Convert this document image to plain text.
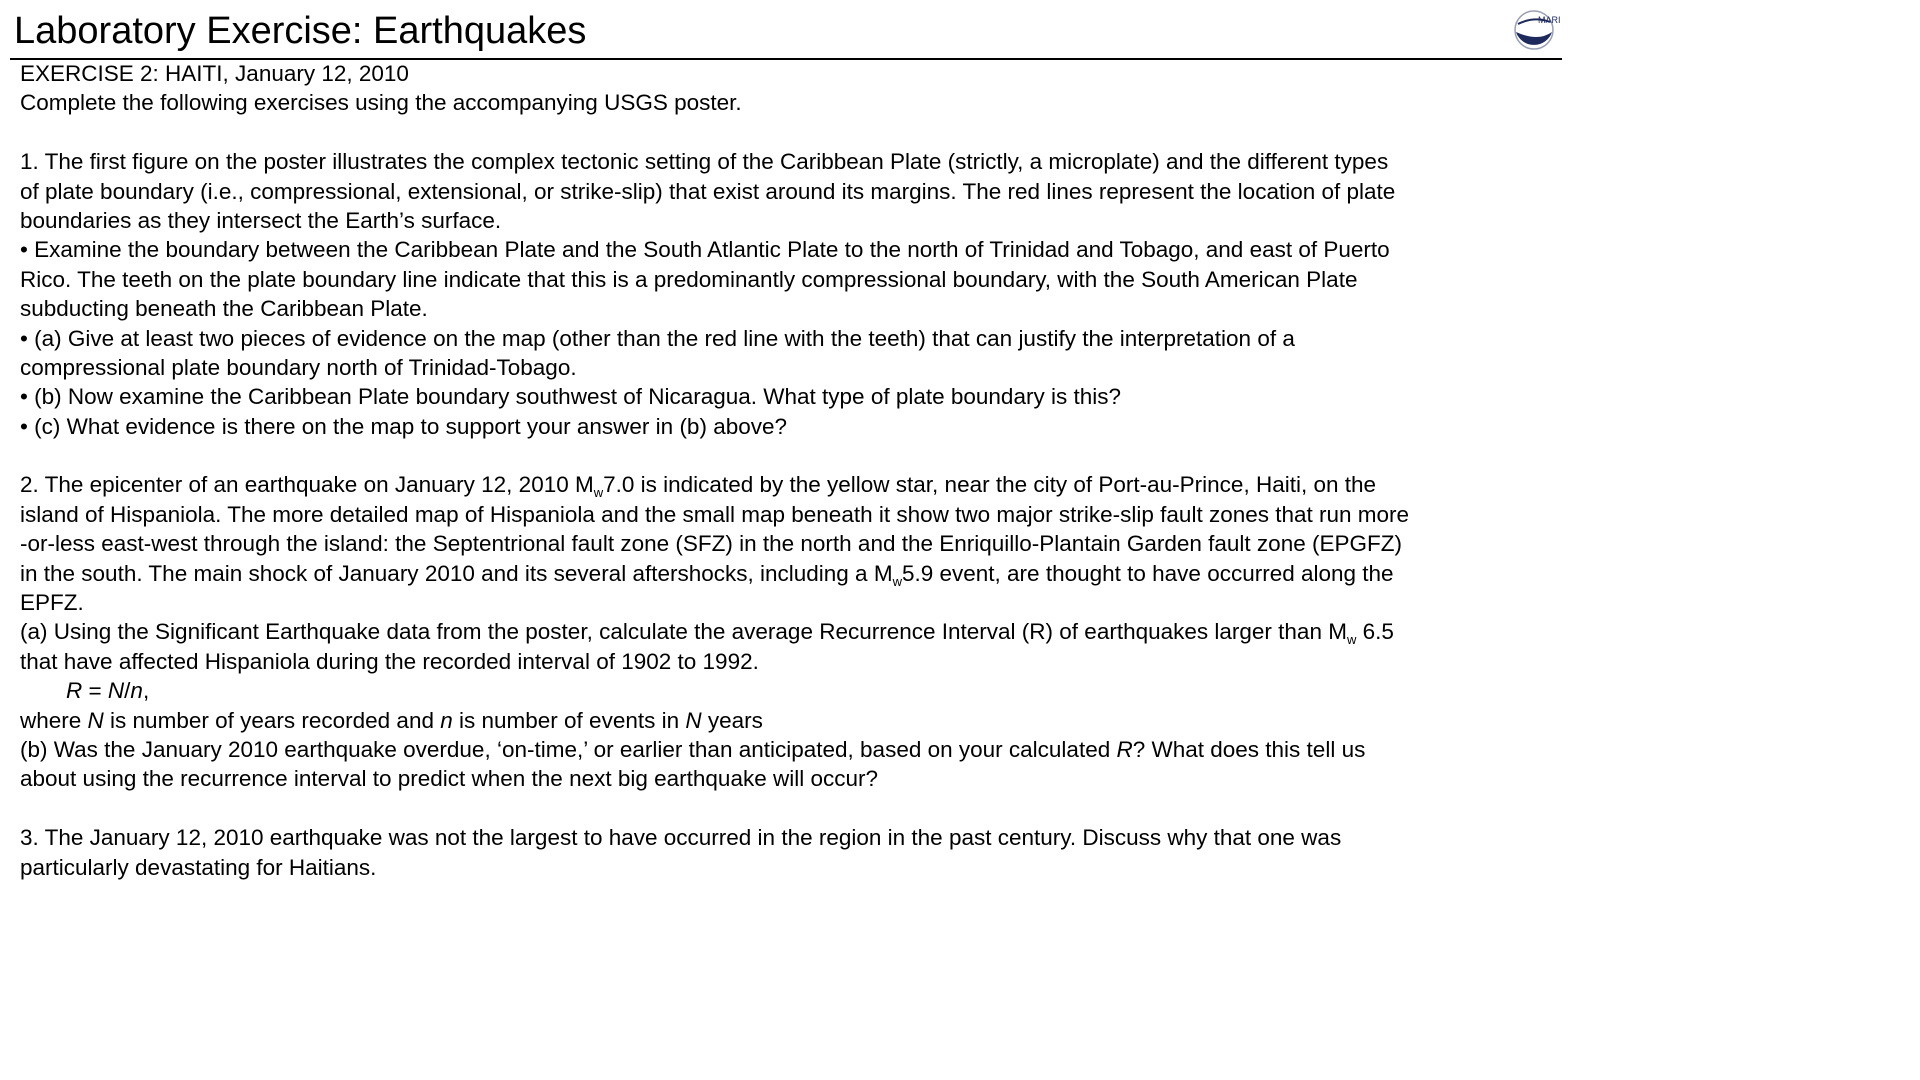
Laboratory Exercise: Earthquakes	MARI
EXERCISE 2: HAITI, January 12, 2010
Complete the following exercises using the accompanying USGS poster.
1. The first figure on the poster illustrates the complex tectonic setting of the Caribbean Plate (strictly, a microplate) and the different types
of plate boundary (i.e., compressional, extensional, or strike-slip) that exist around its margins. The red lines represent the location of plate
boundaries as they intersect the Earth’s surface.
• Examine the boundary between the Caribbean Plate and the South Atlantic Plate to the north of Trinidad and Tobago, and east of Puerto
Rico. The teeth on the plate boundary line indicate that this is a predominantly compressional boundary, with the South American Plate
subducting beneath the Caribbean Plate.
• (a) Give at least two pieces of evidence on the map (other than the red line with the teeth) that can justify the interpretation of a
compressional plate boundary north of Trinidad-Tobago.
• (b) Now examine the Caribbean Plate boundary southwest of Nicaragua. What type of plate boundary is this?
• (c) What evidence is there on the map to support your answer in (b) above?
2. The epicenter of an earthquake on January 12, 2010 $M_w7.0$ is indicated by the yellow star, near the city of Port-au-Prince, Haiti, on the
island of Hispaniola. The more detailed map of Hispaniola and the small map beneath it show two major strike-slip fault zones that run more
-or-less east-west through the island: the Septentrional fault zone (SFZ) in the north and the Enriquillo-Plantain Garden fault zone (EPGFZ)
in the south. The main shock of January 2010 and its several aftershocks, including a $M_w5.9$ event, are thought to have occurred along the
EPFZ.
(a) Using the Significant Earthquake data from the poster, calculate the average Recurrence Interval (R) of earthquakes larger than $M_w$ 6.5
that have affected Hispaniola during the recorded interval of 1902 to 1992.
R = N/n,
where N is number of years recorded and n is number of events in N years
(b) Was the January 2010 earthquake overdue, ‘on-time,’ or earlier than anticipated, based on your calculated R? What does this tell us
about using the recurrence interval to predict when the next big earthquake will occur?
3. The January 12, 2010 earthquake was not the largest to have occurred in the region in the past century. Discuss why that one was
particularly devastating for Haitians.
